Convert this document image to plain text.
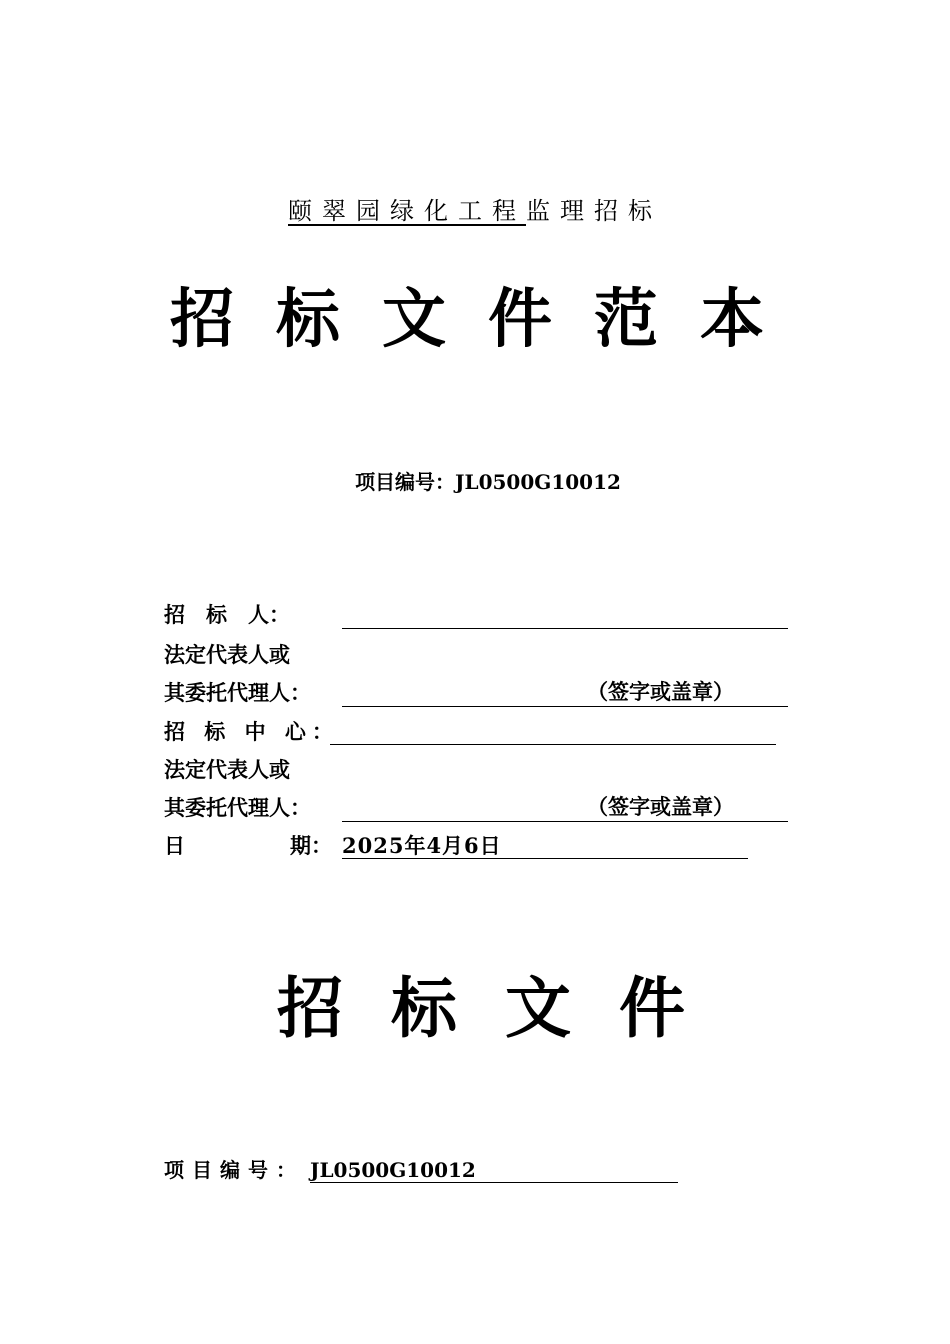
颐翠园绿化工程监理招标
招标文件范本
项目编号：JL0500G10012
招　标　人：
法定代表人或
其委托代理人：	（签字或盖章）
招 标 中 心：
法定代表人或
其委托代理人：	（签字或盖章）
日	期： 2025年4月6日
招标文件
项目编号： JL0500G10012
